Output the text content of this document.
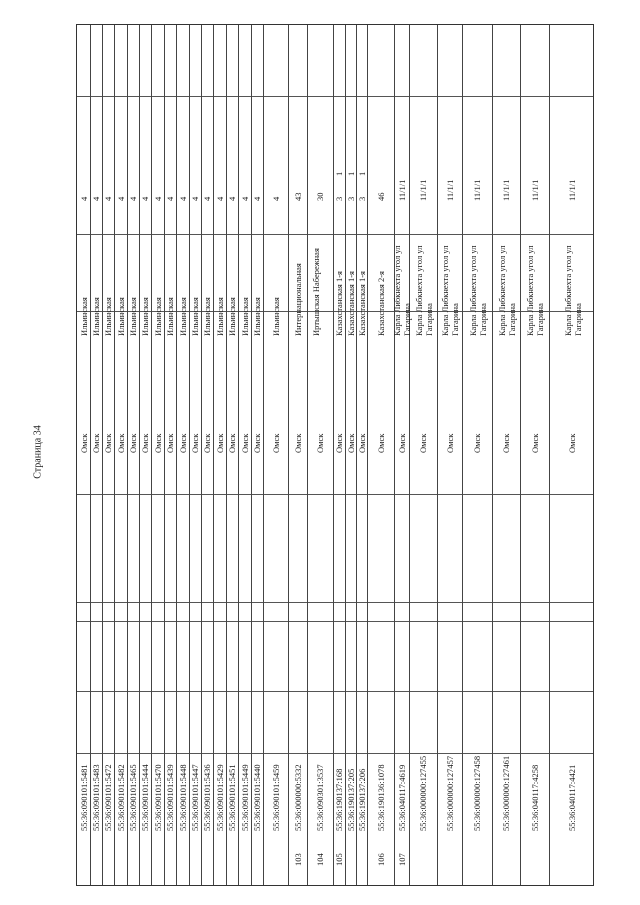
Страница 34
55:36:090101:5481
Омск
Ильинская
4
55:36:090101:5483
Омск
Ильинская
4
55:36:090101:5472
Омск
Ильинская
4
55:36:090101:5482
Омск
Ильинская
4
55:36:090101:5465
Омск
Ильинская
4
55:36:090101:5444
Омск
Ильинская
4
55:36:090101:5470
Омск
Ильинская
4
55:36:090101:5439
Омск
Ильинская
4
55:36:090101:5448
Омск
Ильинская
4
55:36:090101:5447
Омск
Ильинская
4
55:36:090101:5436
Омск
Ильинская
4
55:36:090101:5429
Омск
Ильинская
4
55:36:090101:5451
Омск
Ильинская
4
55:36:090101:5449
Омск
Ильинская
4
55:36:090101:5440
Омск
Ильинская
4
55:36:090101:5459
Омск
Ильинская
4
103
55:36:000000:5332
Омск
Интернациональная
43
104
55:36:090301:3537
Омск
Иртышская Набережная
30
105
55:36:190137:168
Омск
Казахстанская 1-я
3
1
55:36:190137:205
Омск
Казахстанская 1-я
3
1
55:36:190137:206
Омск
Казахстанская 1-я
3
1
106
55:36:190136:1078
Омск
Казахстанская 2-я
46
107
55:36:040117:4619
Омск
Карла Либкнехта угол ул Гагарина
11/1/1
55:36:000000:127455
Омск
Карла Либкнехта угол ул Гагарина
11/1/1
55:36:000000:127457
Омск
Карла Либкнехта угол ул Гагарина
11/1/1
55:36:000000:127458
Омск
Карла Либкнехта угол ул Гагарина
11/1/1
55:36:000000:127461
Омск
Карла Либкнехта угол ул Гагарина
11/1/1
55:36:040117:4258
Омск
Карла Либкнехта угол ул Гагарина
11/1/1
55:36:040117:4421
Омск
Карла Либкнехта угол ул Гагарина
11/1/1
